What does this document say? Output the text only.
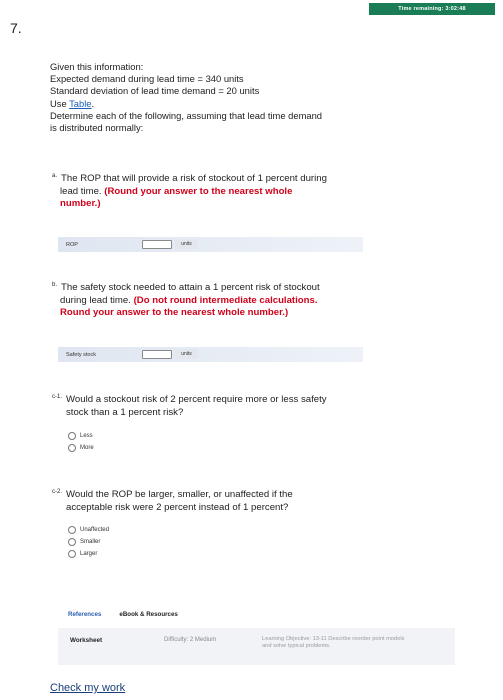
Time remaining: 3:02:48
7.
Given this information:
Expected demand during lead time = 340 units
Standard deviation of lead time demand = 20 units
Use Table.
Determine each of the following, assuming that lead time demand
is distributed normally:
$^{a.}$ The ROP that will provide a risk of stockout of 1 percent during
lead time. (Round your answer to the nearest whole
number.)
ROP	units
$^{b.}$ The safety stock needed to attain a 1 percent risk of stockout
during lead time. (Do not round intermediate calculations.
Round your answer to the nearest whole number.)
Safety stock	units
$^{c-1.}$ Would a stockout risk of 2 percent require more or less safety
stock than a 1 percent risk?
Less
More
$^{c-2.}$ Would the ROP be larger, smaller, or unaffected if the
acceptable risk were 2 percent instead of 1 percent?
Unaffected
Smaller
Larger
References	eBook & Resources
Worksheet	Difficulty: 2 Medium	Learning Objective: 13-11 Describe reorder point models
and solve typical problems.
Check my work
